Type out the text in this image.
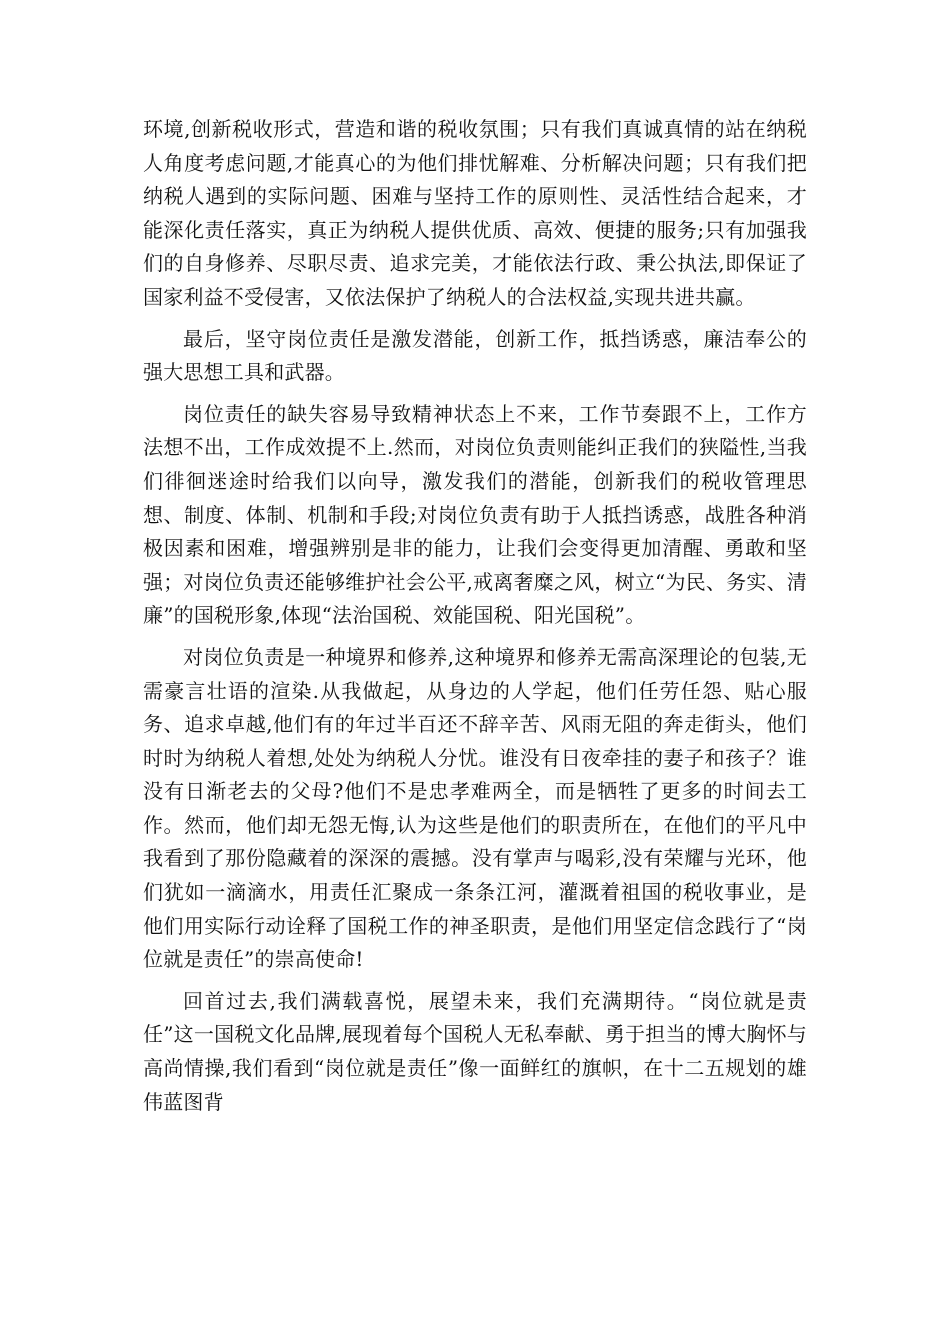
环境,创新税收形式，营造和谐的税收氛围；只有我们真诚真情的站在纳税人角度考虑问题,才能真心的为他们排忧解难、分析解决问题；只有我们把纳税人遇到的实际问题、困难与坚持工作的原则性、灵活性结合起来，才能深化责任落实，真正为纳税人提供优质、高效、便捷的服务;只有加强我们的自身修养、尽职尽责、追求完美，才能依法行政、秉公执法,即保证了国家利益不受侵害，又依法保护了纳税人的合法权益,实现共进共赢。

最后，坚守岗位责任是激发潜能，创新工作，抵挡诱惑，廉洁奉公的强大思想工具和武器。

岗位责任的缺失容易导致精神状态上不来，工作节奏跟不上，工作方法想不出，工作成效提不上.然而，对岗位负责则能纠正我们的狭隘性,当我们徘徊迷途时给我们以向导，激发我们的潜能，创新我们的税收管理思想、制度、体制、机制和手段;对岗位负责有助于人抵挡诱惑，战胜各种消极因素和困难，增强辨别是非的能力，让我们会变得更加清醒、勇敢和坚强；对岗位负责还能够维护社会公平,戒离奢糜之风，树立“为民、务实、清廉”的国税形象,体现“法治国税、效能国税、阳光国税”。

对岗位负责是一种境界和修养,这种境界和修养无需高深理论的包装,无需豪言壮语的渲染.从我做起，从身边的人学起，他们任劳任怨、贴心服务、追求卓越,他们有的年过半百还不辞辛苦、风雨无阻的奔走街头，他们时时为纳税人着想,处处为纳税人分忧。谁没有日夜牵挂的妻子和孩子？谁没有日渐老去的父母?他们不是忠孝难两全，而是牺牲了更多的时间去工作。然而，他们却无怨无悔,认为这些是他们的职责所在，在他们的平凡中我看到了那份隐藏着的深深的震撼。没有掌声与喝彩,没有荣耀与光环，他们犹如一滴滴水，用责任汇聚成一条条江河，灌溉着祖国的税收事业，是他们用实际行动诠释了国税工作的神圣职责，是他们用坚定信念践行了“岗位就是责任”的崇高使命!

回首过去,我们满载喜悦，展望未来，我们充满期待。“岗位就是责任”这一国税文化品牌,展现着每个国税人无私奉献、勇于担当的博大胸怀与高尚情操,我们看到“岗位就是责任”像一面鲜红的旗帜，在十二五规划的雄伟蓝图背
